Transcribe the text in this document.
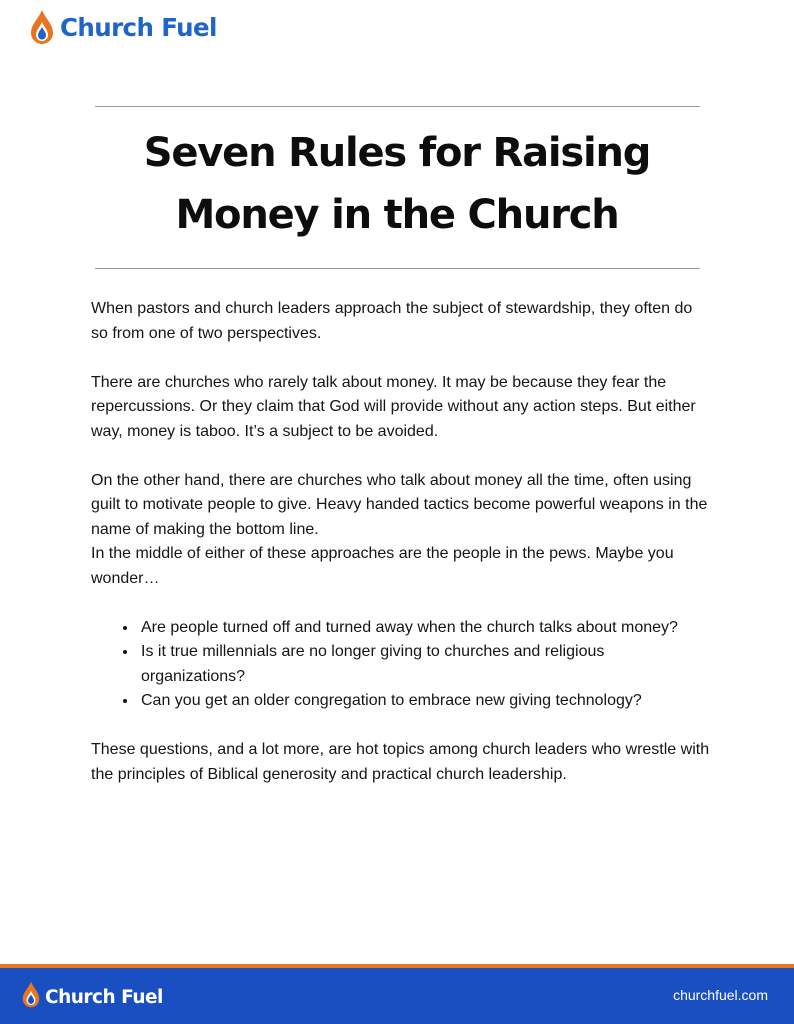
Church Fuel
Seven Rules for Raising
Money in the Church

When pastors and church leaders approach the subject of stewardship, they often do so from one of two perspectives.

There are churches who rarely talk about money. It may be because they fear the repercussions. Or they claim that God will provide without any action steps. But either way, money is taboo. It’s a subject to be avoided.

On the other hand, there are churches who talk about money all the time, often using guilt to motivate people to give. Heavy handed tactics become powerful weapons in the name of making the bottom line.

In the middle of either of these approaches are the people in the pews. Maybe you wonder…

• Are people turned off and turned away when the church talks about money?
• Is it true millennials are no longer giving to churches and religious organizations?
• Can you get an older congregation to embrace new giving technology?

These questions, and a lot more, are hot topics among church leaders who wrestle with the principles of Biblical generosity and practical church leadership.

Church Fuel	churchfuel.com
